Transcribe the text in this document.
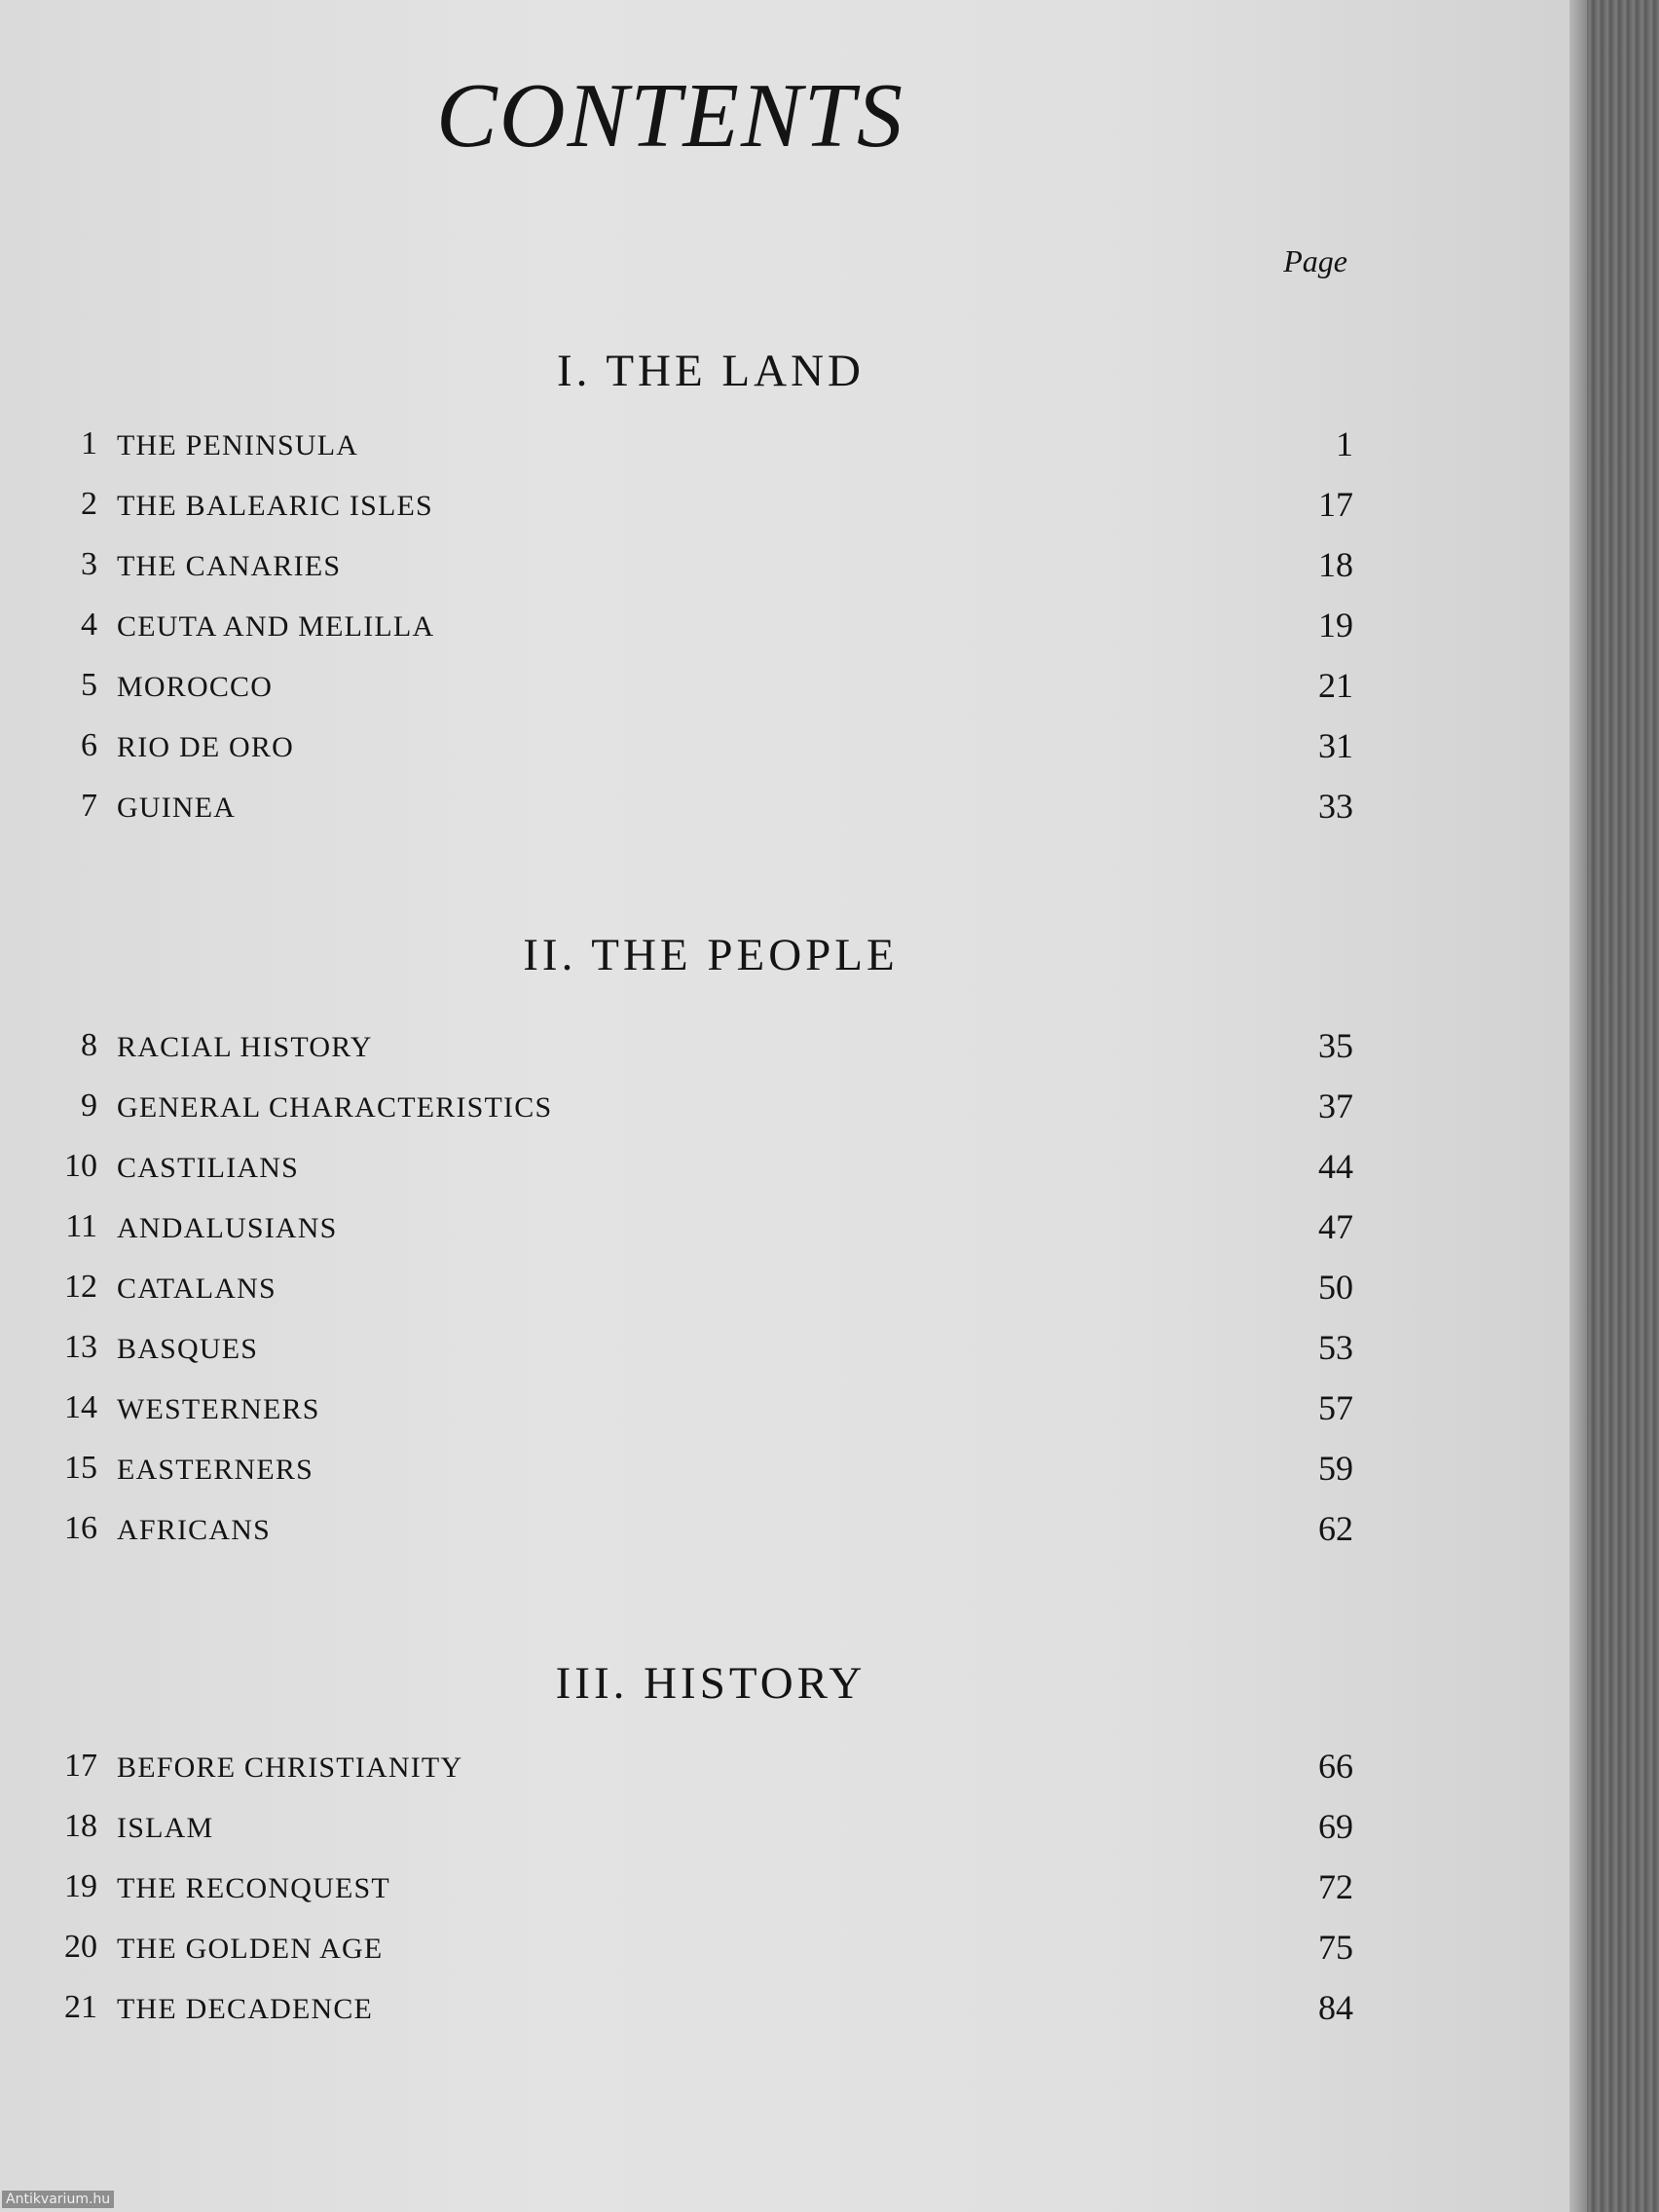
CONTENTS
Page
I. THE LAND
1 THE PENINSULA	1
2 THE BALEARIC ISLES	17
3 THE CANARIES	18
4 CEUTA AND MELILLA	19
5 MOROCCO	21
6 RIO DE ORO	31
7 GUINEA	33
II. THE PEOPLE
8 RACIAL HISTORY	35
9 GENERAL CHARACTERISTICS	37
10 CASTILIANS	44
11 ANDALUSIANS	47
12 CATALANS	50
13 BASQUES	53
14 WESTERNERS	57
15 EASTERNERS	59
16 AFRICANS	62
III. HISTORY
17 BEFORE CHRISTIANITY	66
18 ISLAM	69
19 THE RECONQUEST	72
20 THE GOLDEN AGE	75
21 THE DECADENCE	84
Antikvarium.hu
